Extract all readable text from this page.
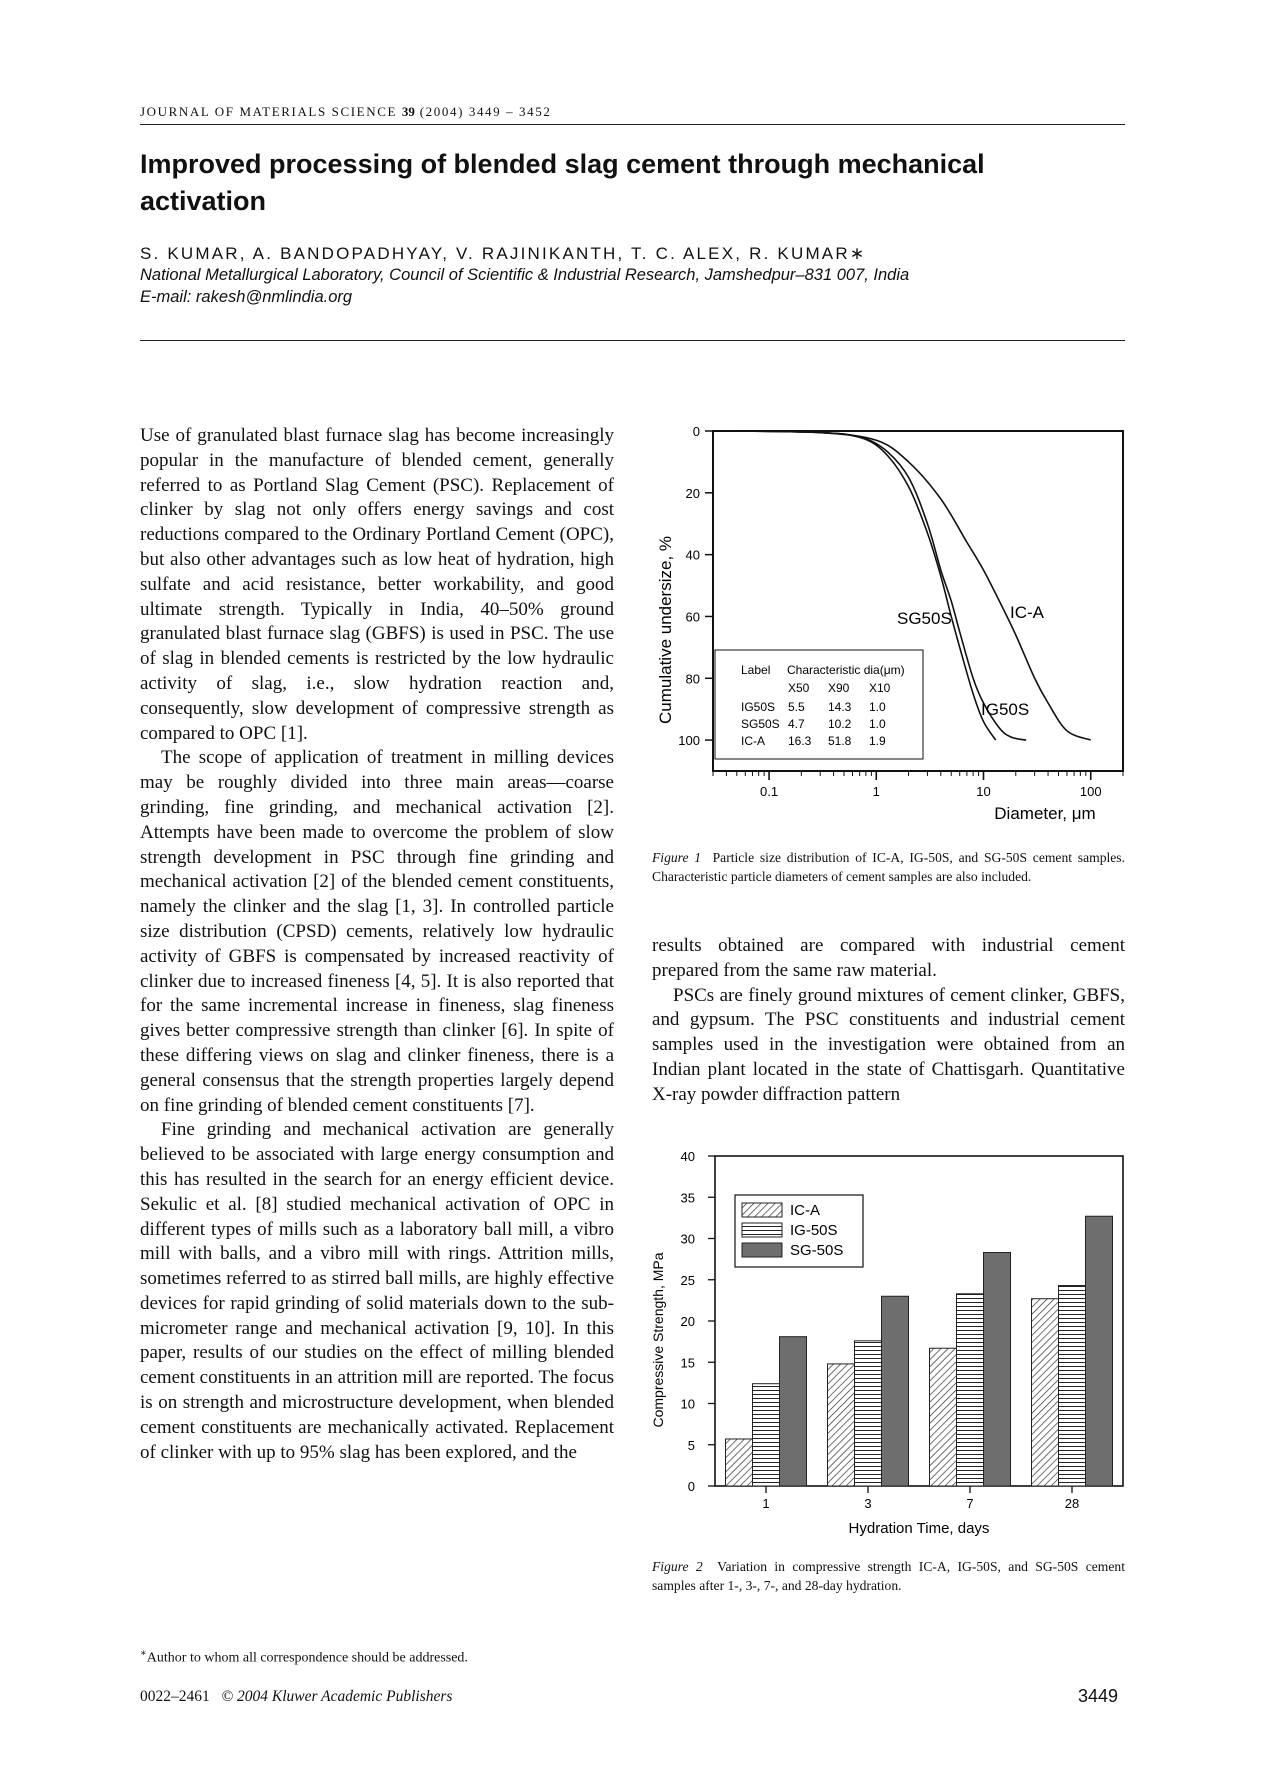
JOURNAL OF MATERIALS SCIENCE 39 (2004) 3449 – 3452
Improved processing of blended slag cement through mechanical activation
S. KUMAR, A. BANDOPADHYAY, V. RAJINIKANTH, T. C. ALEX, R. KUMAR∗
National Metallurgical Laboratory, Council of Scientific & Industrial Research, Jamshedpur–831 007, India
E-mail: rakesh@nmlindia.org

Use of granulated blast furnace slag has become increasingly popular in the manufacture of blended cement, generally referred to as Portland Slag Cement (PSC). Replacement of clinker by slag not only offers energy savings and cost reductions compared to the Ordinary Portland Cement (OPC), but also other advantages such as low heat of hydration, high sulfate and acid resistance, better workability, and good ultimate strength. Typically in India, 40–50% ground granulated blast furnace slag (GBFS) is used in PSC. The use of slag in blended cements is restricted by the low hydraulic activity of slag, i.e., slow hydration reaction and, consequently, slow development of compressive strength as compared to OPC [1].

The scope of application of treatment in milling devices may be roughly divided into three main areas—coarse grinding, fine grinding, and mechanical activation [2]. Attempts have been made to overcome the problem of slow strength development in PSC through fine grinding and mechanical activation [2] of the blended cement constituents, namely the clinker and the slag [1, 3]. In controlled particle size distribution (CPSD) cements, relatively low hydraulic activity of GBFS is compensated by increased reactivity of clinker due to increased fineness [4, 5]. It is also reported that for the same incremental increase in fineness, slag fineness gives better compressive strength than clinker [6]. In spite of these differing views on slag and clinker fineness, there is a general consensus that the strength properties largely depend on fine grinding of blended cement constituents [7].

Fine grinding and mechanical activation are generally believed to be associated with large energy consumption and this has resulted in the search for an energy efficient device. Sekulic et al. [8] studied mechanical activation of OPC in different types of mills such as a laboratory ball mill, a vibro mill with balls, and a vibro mill with rings. Attrition mills, sometimes referred to as stirred ball mills, are highly effective devices for rapid grinding of solid materials down to the sub-micrometer range and mechanical activation [9, 10]. In this paper, results of our studies on the effect of milling blended cement constituents in an attrition mill are reported. The focus is on strength and microstructure development, when blended cement constituents are mechanically activated. Replacement of clinker with up to 95% slag has been explored, and the

0
20
40
60
80
100
0.1	1	10	100
Diameter, μm
Cumulative undersize, %	SG50S	IC-A
IG50S
Label Characteristic dia(μm)
X50 X90 X10
IG50S 5.5 14.3 1.0
SG50S 4.7 10.2 1.0
IC-A 16.3 51.8 1.9
Figure 1 Particle size distribution of IC-A, IG-50S, and SG-50S cement samples. Characteristic particle diameters of cement samples are also included.

results obtained are compared with industrial cement prepared from the same raw material.

PSCs are finely ground mixtures of cement clinker, GBFS, and gypsum. The PSC constituents and industrial cement samples used in the investigation were obtained from an Indian plant located in the state of Chattisgarh. Quantitative X-ray powder diffraction pattern

0
5
10
15
20
25
30
35
40
1	3	7	28
IC-A
IG-50S
SG-50S
Hydration Time, days
Compressive Strength, MPa
Figure 2 Variation in compressive strength IC-A, IG-50S, and SG-50S cement samples after 1-, 3-, 7-, and 28-day hydration.
∗Author to whom all correspondence should be addressed.
0022–2461 © 2004 Kluwer Academic Publishers	3449
